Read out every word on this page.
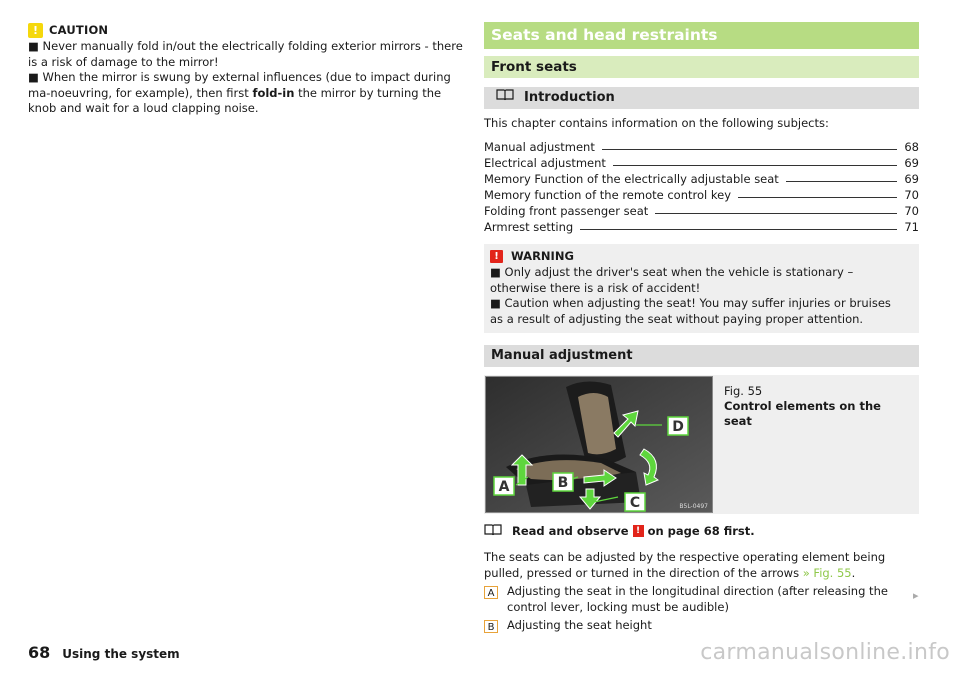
! CAUTION

■ Never manually fold in/out the electrically folding exterior mirrors - there is a risk of damage to the mirror!

■ When the mirror is swung by external influences (due to impact during ma-noeuvring, for example), then first fold-in the mirror by turning the knob and wait for a loud clapping noise.

Seats and head restraints
Front seats
Introduction
This chapter contains information on the following subjects:
Manual adjustment	68
Electrical adjustment	69
Memory Function of the electrically adjustable seat	69
Memory function of the remote control key	70
Folding front passenger seat	70
Armrest setting	71
!	WARNING

■ Only adjust the driver's seat when the vehicle is stationary – otherwise there is a risk of accident!

■ Caution when adjusting the seat! You may suffer injuries or bruises as a result of adjusting the seat without paying proper attention.

Manual adjustment
A	B
C
D
B5L-0497
Fig. 55
Control elements on the seat
Read and observe ! on page 68 first.
The seats can be adjusted by the respective operating element being pulled, pressed or turned in the direction of the arrows » Fig. 55.
A	Adjusting the seat in the longitudinal direction (after releasing the control lever, locking must be audible)
B	Adjusting the seat height
▸
68 Using the system	carmanualsonline.info
